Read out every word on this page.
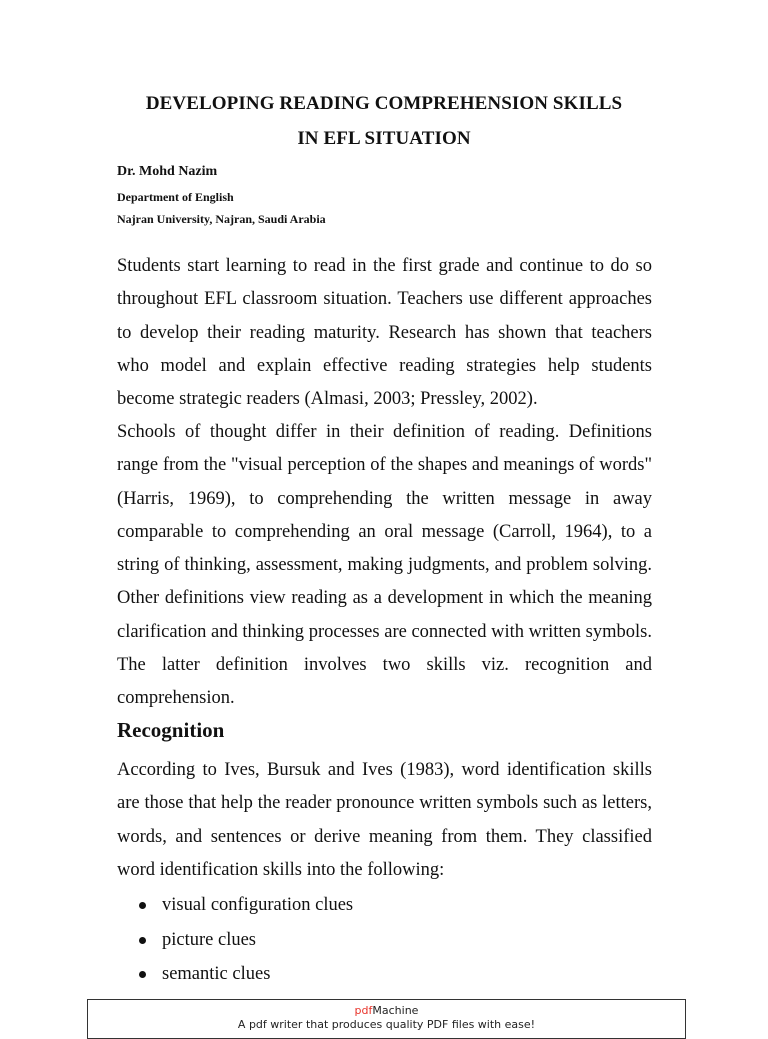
DEVELOPING READING COMPREHENSION SKILLS
IN EFL SITUATION
Dr. Mohd Nazim
Department of English
Najran University, Najran, Saudi Arabia

Students start learning to read in the first grade and continue to do so throughout EFL classroom situation. Teachers use different approaches to develop their reading maturity. Research has shown that teachers who model and explain effective reading strategies help students become strategic readers (Almasi, 2003; Pressley, 2002).

Schools of thought differ in their definition of reading. Definitions range from the "visual perception of the shapes and meanings of words" (Harris, 1969), to comprehending the written message in away comparable to comprehending an oral message (Carroll, 1964), to a string of thinking, assessment, making judgments, and problem solving. Other definitions view reading as a development in which the meaning clarification and thinking processes are connected with written symbols. The latter definition involves two skills viz. recognition and comprehension.

Recognition

According to Ives, Bursuk and Ives (1983), word identification skills are those that help the reader pronounce written symbols such as letters, words, and sentences or derive meaning from them. They classified word identification skills into the following:

visual configuration clues
picture clues
semantic clues
pdfMachine
A pdf writer that produces quality PDF files with ease!
